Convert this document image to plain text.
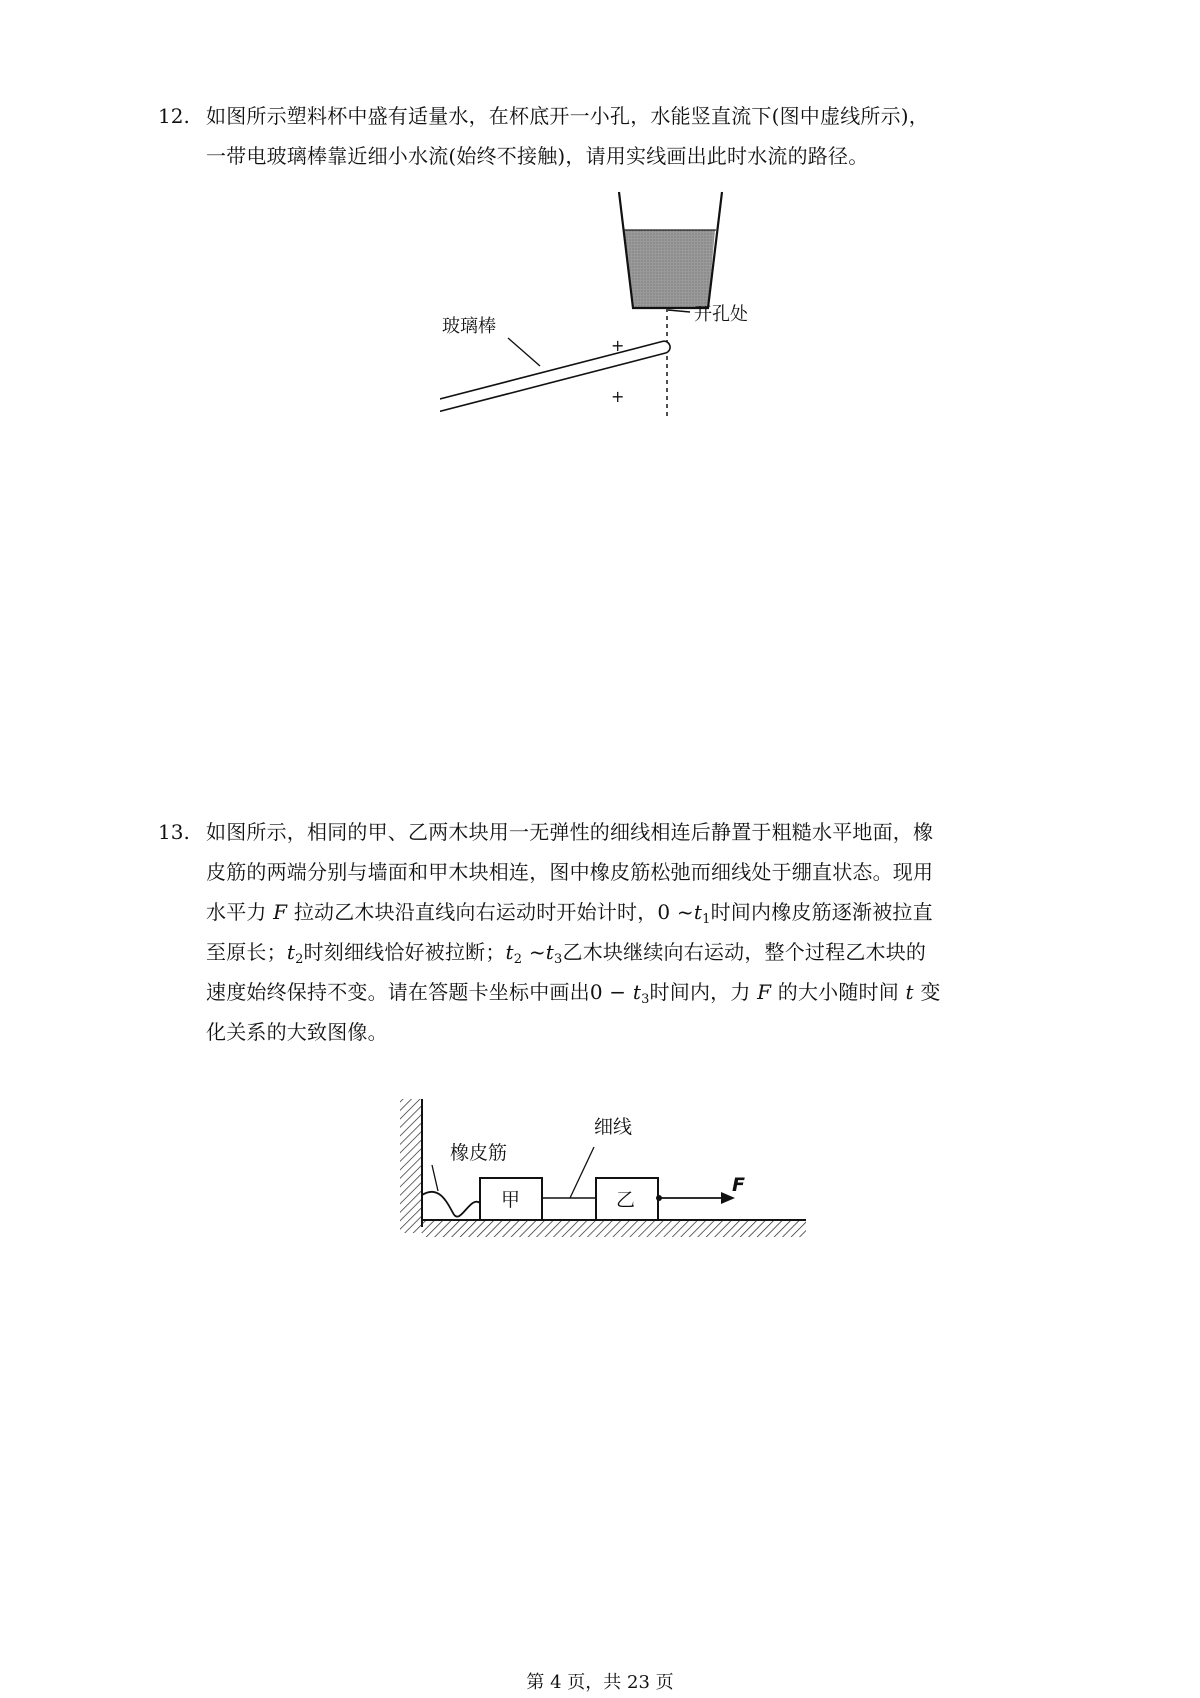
12. 如图所示塑料杯中盛有适量水，在杯底开一小孔，水能竖直流下(图中虚线所示)，
一带电玻璃棒靠近细小水流(始终不接触)，请用实线画出此时水流的路径。
开孔处
玻璃棒
+
+
13. 如图所示，相同的甲、乙两木块用一无弹性的细线相连后静置于粗糙水平地面，橡
皮筋的两端分别与墙面和甲木块相连，图中橡皮筋松弛而细线处于绷直状态。现用
水平力 F 拉动乙木块沿直线向右运动时开始计时，0 $\sim t_1$时间内橡皮筋逐渐被拉直
至原长；$t_2$时刻细线恰好被拉断；$t_2$ $\sim t_3$乙木块继续向右运动，整个过程乙木块的
速度始终保持不变。请在答题卡坐标中画出$0 - t_3$时间内，力 F 的大小随时间 t 变
化关系的大致图像。
橡皮筋
甲
细线
乙
F
第 4 页，共 23 页
